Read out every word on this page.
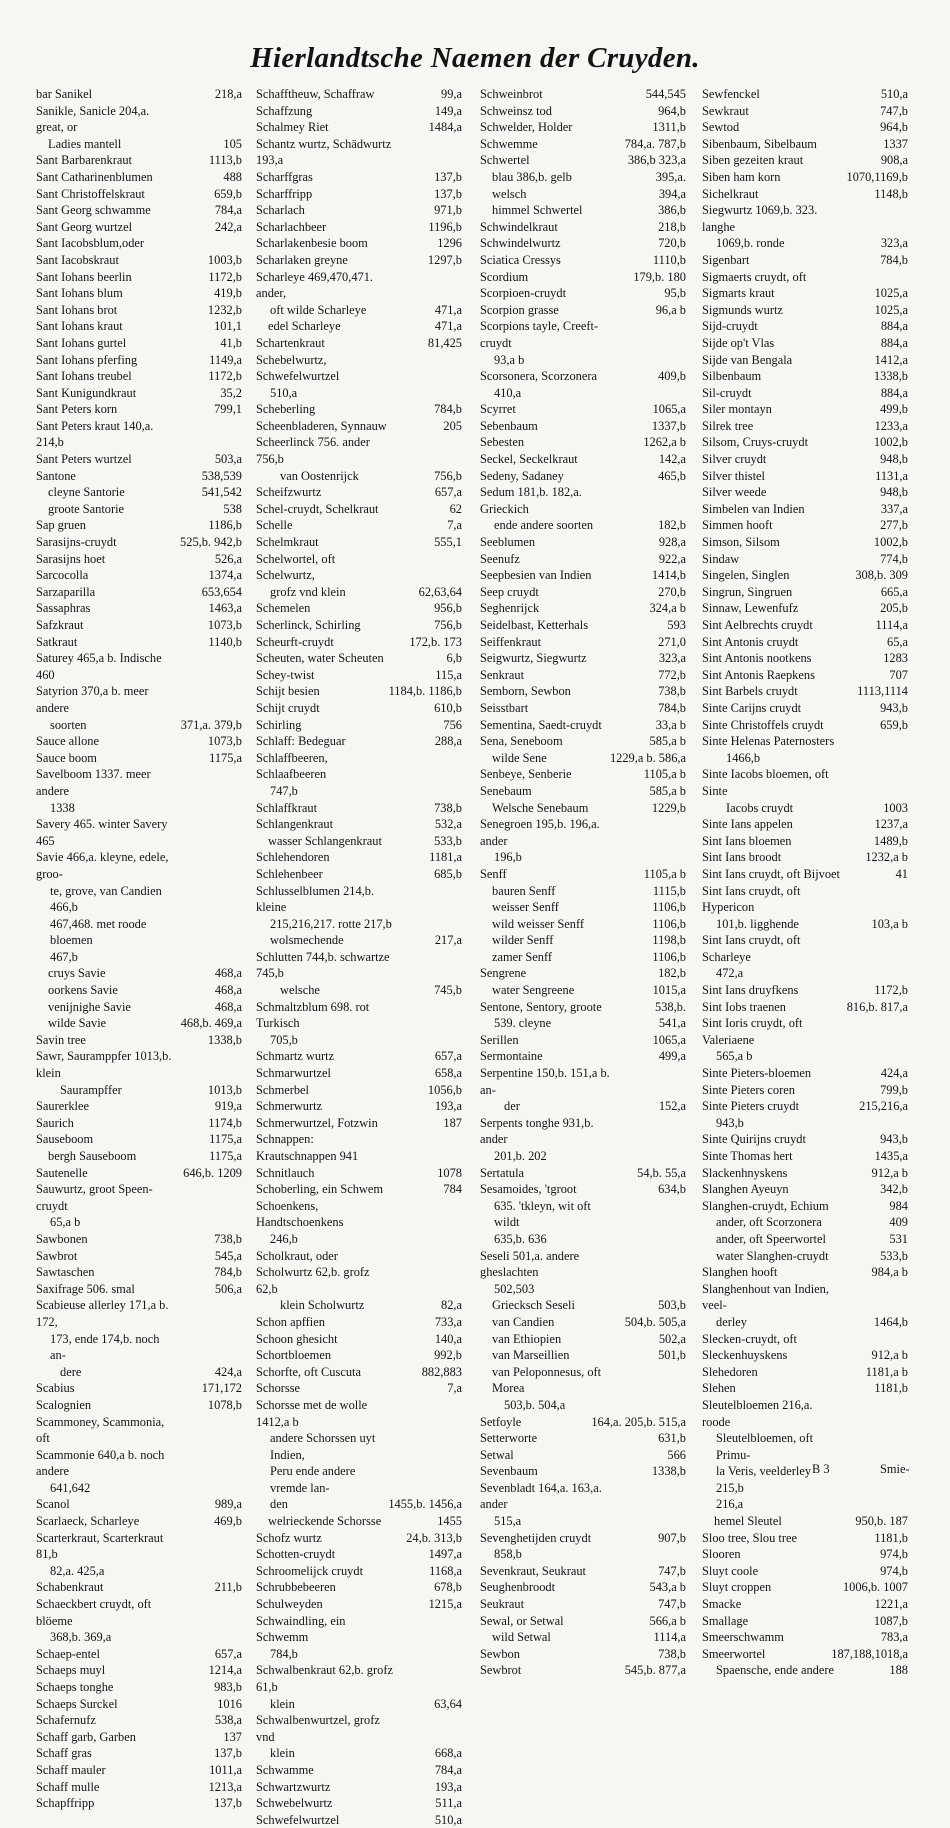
Hierlandtsche Naemen der Cruyden.
bar Sanikel	218,a
Sanikle, Sanicle 204,a. great, or
Ladies mantell	105
Sant Barbarenkraut	1113,b
Sant Catharinenblumen	488
Sant Christoffelskraut	659,b
Sant Georg schwamme	784,a
Sant Georg wurtzel	242,a
Sant Iacobsblum,oder
Sant Iacobskraut	1003,b
Sant Iohans beerlin	1172,b
Sant Iohans blum	419,b
Sant Iohans brot	1232,b
Sant Iohans kraut	101,1
Sant Iohans gurtel	41,b
Sant Iohans pferfing	1149,a
Sant Iohans treubel	1172,b
Sant Kunigundkraut	35,2
Sant Peters korn	799,1
Sant Peters kraut 140,a. 214,b
Sant Peters wurtzel	503,a
Santone	538,539
cleyne Santorie	541,542
groote Santorie	538
Sap gruen	1186,b
Sarasijns-cruydt	525,b. 942,b
Sarasijns hoet	526,a
Sarcocolla	1374,a
Sarzaparilla	653,654
Sassaphras	1463,a
Safzkraut	1073,b
Satkraut	1140,b
Saturey 465,a b. Indische 460
Satyrion 370,a b. meer andere
soorten	371,a. 379,b
Sauce allone	1073,b
Sauce boom	1175,a
Savelboom 1337. meer andere
1338
Savery 465. winter Savery 465
Savie 466,a. kleyne, edele, groo-
te, grove, van Candien 466,b
467,468. met roode bloemen
467,b
cruys Savie	468,a
oorkens Savie	468,a
venijnighe Savie	468,a
wilde Savie	468,b. 469,a
Savin tree	1338,b
Sawr, Sauramppfer 1013,b. klein
Saurampffer	1013,b
Saurerklee	919,a
Saurich	1174,b
Sauseboom	1175,a
bergh Sauseboom	1175,a
Sautenelle	646,b. 1209
Sauwurtz, groot Speen-cruydt
65,a b
Sawbonen	738,b
Sawbrot	545,a
Sawtaschen	784,b
Saxifrage 506. smal	506,a
Scabieuse allerley 171,a b. 172,
173, ende 174,b. noch an-
dere	424,a
Scabius	171,172
Scalognien	1078,b
Scammoney, Scammonia, oft
Scammonie 640,a b. noch andere
641,642
Scanol	989,a
Scarlaeck, Scharleye	469,b
Scarterkraut, Scarterkraut 81,b
82,a. 425,a
Schabenkraut	211,b
Schaeckbert cruydt, oft blöeme
368,b. 369,a
Schaep-entel	657,a
Schaeps muyl	1214,a
Schaeps tonghe	983,b
Schaeps Surckel	1016
Schafernufz	538,a
Schaff garb, Garben	137
Schaff gras	137,b
Schaff mauler	1011,a
Schaff mulle	1213,a
Schapffripp	137,b
Schafftheuw, Schaffraw	99,a
Schaffzung	149,a
Schalmey Riet	1484,a
Schantz wurtz, Schädwurtz 193,a
Scharffgras	137,b
Scharffripp	137,b
Scharlach	971,b
Scharlachbeer	1196,b
Scharlakenbesie boom	1296
Scharlaken greyne	1297,b
Scharleye 469,470,471. ander,
oft wilde Scharleye	471,a
edel Scharleye	471,a
Schartenkraut	81,425
Schebelwurtz, Schwefelwurtzel
510,a
Scheberling	784,b
Scheenbladeren, Synnauw	205
Scheerlinck 756. ander 756,b
van Oostenrijck	756,b
Scheifzwurtz	657,a
Schel-cruydt, Schelkraut	62
Schelle	7,a
Schelmkraut	555,1
Schelwortel, oft Schelwurtz,
grofz vnd klein	62,63,64
Schemelen	956,b
Scherlinck, Schirling	756,b
Scheurft-cruydt	172,b. 173
Scheuten, water Scheuten	6,b
Schey-twist	115,a
Schijt besien	1184,b. 1186,b
Schijt cruydt	610,b
Schirling	756
Schlaff: Bedeguar	288,a
Schlaffbeeren, Schlaafbeeren
747,b
Schlaffkraut	738,b
Schlangenkraut	532,a
wasser Schlangenkraut	533,b
Schlehendoren	1181,a
Schlehenbeer	685,b
Schlusselblumen 214,b. kleine
215,216,217. rotte 217,b
wolsmechende	217,a
Schlutten 744,b. schwartze 745,b
welsche	745,b
Schmaltzblum 698. rot Turkisch
705,b
Schmartz wurtz	657,a
Schmarwurtzel	658,a
Schmerbel	1056,b
Schmerwurtz	193,a
Schmerwurtzel, Fotzwin	187
Schnappen: Krautschnappen 941
Schnitlauch	1078
Schoberling, ein Schwem	784
Schoenkens, Handtschoenkens
246,b
Scholkraut, oder
Scholwurtz 62,b. grofz 62,b
klein Scholwurtz	82,a
Schon apffien	733,a
Schoon ghesicht	140,a
Schortbloemen	992,b
Schorfte, oft Cuscuta	882,883
Schorsse	7,a
Schorsse met de wolle 1412,a b
andere Schorssen uyt Indien,
Peru ende andere vremde lan-
den	1455,b. 1456,a
welrieckende Schorsse	1455
Schofz wurtz	24,b. 313,b
Schotten-cruydt	1497,a
Schroomelijck cruydt	1168,a
Schrubbebeeren	678,b
Schulweyden	1215,a
Schwaindling, ein Schwemm
784,b
Schwalbenkraut 62,b. grofz 61,b
klein	63,64
Schwalbenwurtzel, grofz vnd
klein	668,a
Schwamme	784,a
Schwartzwurtz	193,a
Schwebelwurtz	511,a
Schwefelwurtzel	510,a
Schweinbrot	544,545
Schweinsz tod	964,b
Schwelder, Holder	1311,b
Schwemme	784,a. 787,b
Schwertel	386,b 323,a
blau 386,b. gelb	395,a.
welsch	394,a
himmel Schwertel	386,b
Schwindelkraut	218,b
Schwindelwurtz	720,b
Sciatica Cressys	1110,b
Scordium	179,b. 180
Scorpioen-cruydt	95,b
Scorpion grasse	96,a b
Scorpions tayle, Creeft-cruydt
93,a b
Scorsonera, Scorzonera	409,b
410,a
Scyrret	1065,a
Sebenbaum	1337,b
Sebesten	1262,a b
Seckel, Seckelkraut	142,a
Sedeny, Sadaney	465,b
Sedum 181,b. 182,a. Grieckich
ende andere soorten	182,b
Seeblumen	928,a
Seenufz	922,a
Seepbesien van Indien	1414,b
Seep cruydt	270,b
Seghenrijck	324,a b
Seidelbast, Ketterhals	593
Seiffenkraut	271,0
Seigwurtz, Siegwurtz	323,a
Senkraut	772,b
Semborn, Sewbon	738,b
Seisstbart	784,b
Sementina, Saedt-cruydt	33,a b
Sena, Seneboom	585,a b
wilde Sene	1229,a b. 586,a
Senbeye, Senberie	1105,a b
Senebaum	585,a b
Welsche Senebaum	1229,b
Senegroen 195,b. 196,a. ander
196,b
Senff	1105,a b
bauren Senff	1115,b
weisser Senff	1106,b
wild weisser Senff	1106,b
wilder Senff	1198,b
zamer Senff	1106,b
Sengrene	182,b
water Sengreene	1015,a
Sentone, Sentory, groote	538,b.
539. cleyne	541,a
Serillen	1065,a
Sermontaine	499,a
Serpentine 150,b. 151,a b. an-
der	152,a
Serpents tonghe 931,b. ander
201,b. 202
Sertatula	54,b. 55,a
Sesamoides, 'tgroot	634,b
635. 'tkleyn, wit oft wildt
635,b. 636
Seseli 501,a. andere gheslachten
502,503
Griecksch Seseli	503,b
van Candien	504,b. 505,a
van Ethiopien	502,a
van Marseillien	501,b
van Peloponnesus, oft Morea
503,b. 504,a
Setfoyle	164,a. 205,b. 515,a
Setterworte	631,b
Setwal	566
Sevenbaum	1338,b
Sevenbladt 164,a. 163,a. ander
515,a
Sevenghetijden cruydt	907,b
858,b
Sevenkraut, Seukraut	747,b
Seughenbroodt	543,a b
Seukraut	747,b
Sewal, or Setwal	566,a b
wild Setwal	1114,a
Sewbon	738,b
Sewbrot	545,b. 877,a
Sewfenckel	510,a
Sewkraut	747,b
Sewtod	964,b
Sibenbaum, Sibelbaum	1337
Siben gezeiten kraut	908,a
Siben ham korn	1070,1169,b
Sichelkraut	1148,b
Siegwurtz 1069,b. 323. langhe
1069,b. ronde	323,a
Sigenbart	784,b
Sigmaerts cruydt, oft
Sigmarts kraut	1025,a
Sigmunds wurtz	1025,a
Sijd-cruydt	884,a
Sijde op't Vlas	884,a
Sijde van Bengala	1412,a
Silbenbaum	1338,b
Sil-cruydt	884,a
Siler montayn	499,b
Silrek tree	1233,a
Silsom, Cruys-cruydt	1002,b
Silver cruydt	948,b
Silver thistel	1131,a
Silver weede	948,b
Simbelen van Indien	337,a
Simmen hooft	277,b
Simson, Silsom	1002,b
Sindaw	774,b
Singelen, Singlen	308,b. 309
Singrun, Singruen	665,a
Sinnaw, Lewenfufz	205,b
Sint Aelbrechts cruydt	1114,a
Sint Antonis cruydt	65,a
Sint Antonis nootkens	1283
Sint Antonis Raepkens	707
Sint Barbels cruydt	1113,1114
Sinte Carijns cruydt	943,b
Sinte Christoffels cruydt	659,b
Sinte Helenas Paternosters
1466,b
Sinte Iacobs bloemen, oft Sinte
Iacobs cruydt	1003
Sinte Ians appelen	1237,a
Sint Ians bloemen	1489,b
Sint Ians broodt	1232,a b
Sint Ians cruydt, oft Bijvoet	41
Sint Ians cruydt, oft Hypericon
101,b. ligghende	103,a b
Sint Ians cruydt, oft Scharleye
472,a
Sint Ians druyfkens	1172,b
Sint Iobs traenen	816,b. 817,a
Sint Ioris cruydt, oft Valeriaene
565,a b
Sinte Pieters-bloemen	424,a
Sinte Pieters coren	799,b
Sinte Pieters cruydt	215,216,a
943,b
Sinte Quirijns cruydt	943,b
Sinte Thomas hert	1435,a
Slackenhnyskens	912,a b
Slanghen Ayeuyn	342,b
Slanghen-cruydt, Echium	984
ander, oft Scorzonera	409
ander, oft Speerwortel	531
water Slanghen-cruydt	533,b
Slanghen hooft	984,a b
Slanghenhout van Indien, veel-
derley	1464,b
Slecken-cruydt, oft
Sleckenhuyskens	912,a b
Slehedoren	1181,a b
Slehen	1181,b
Sleutelbloemen 216,a. roode
Sleutelbloemen, oft Primu-
la Veris, veelderley 215,b
216,a
hemel Sleutel	950,b. 187
Sloo tree, Slou tree	1181,b
Slooren	974,b
Sluyt coole	974,b
Sluyt croppen	1006,b. 1007
Smacke	1221,a
Smallage	1087,b
Smeerschwamm	783,a
Smeerwortel	187,188,1018,a
Spaensche, ende andere	188
B 3	Smie-
